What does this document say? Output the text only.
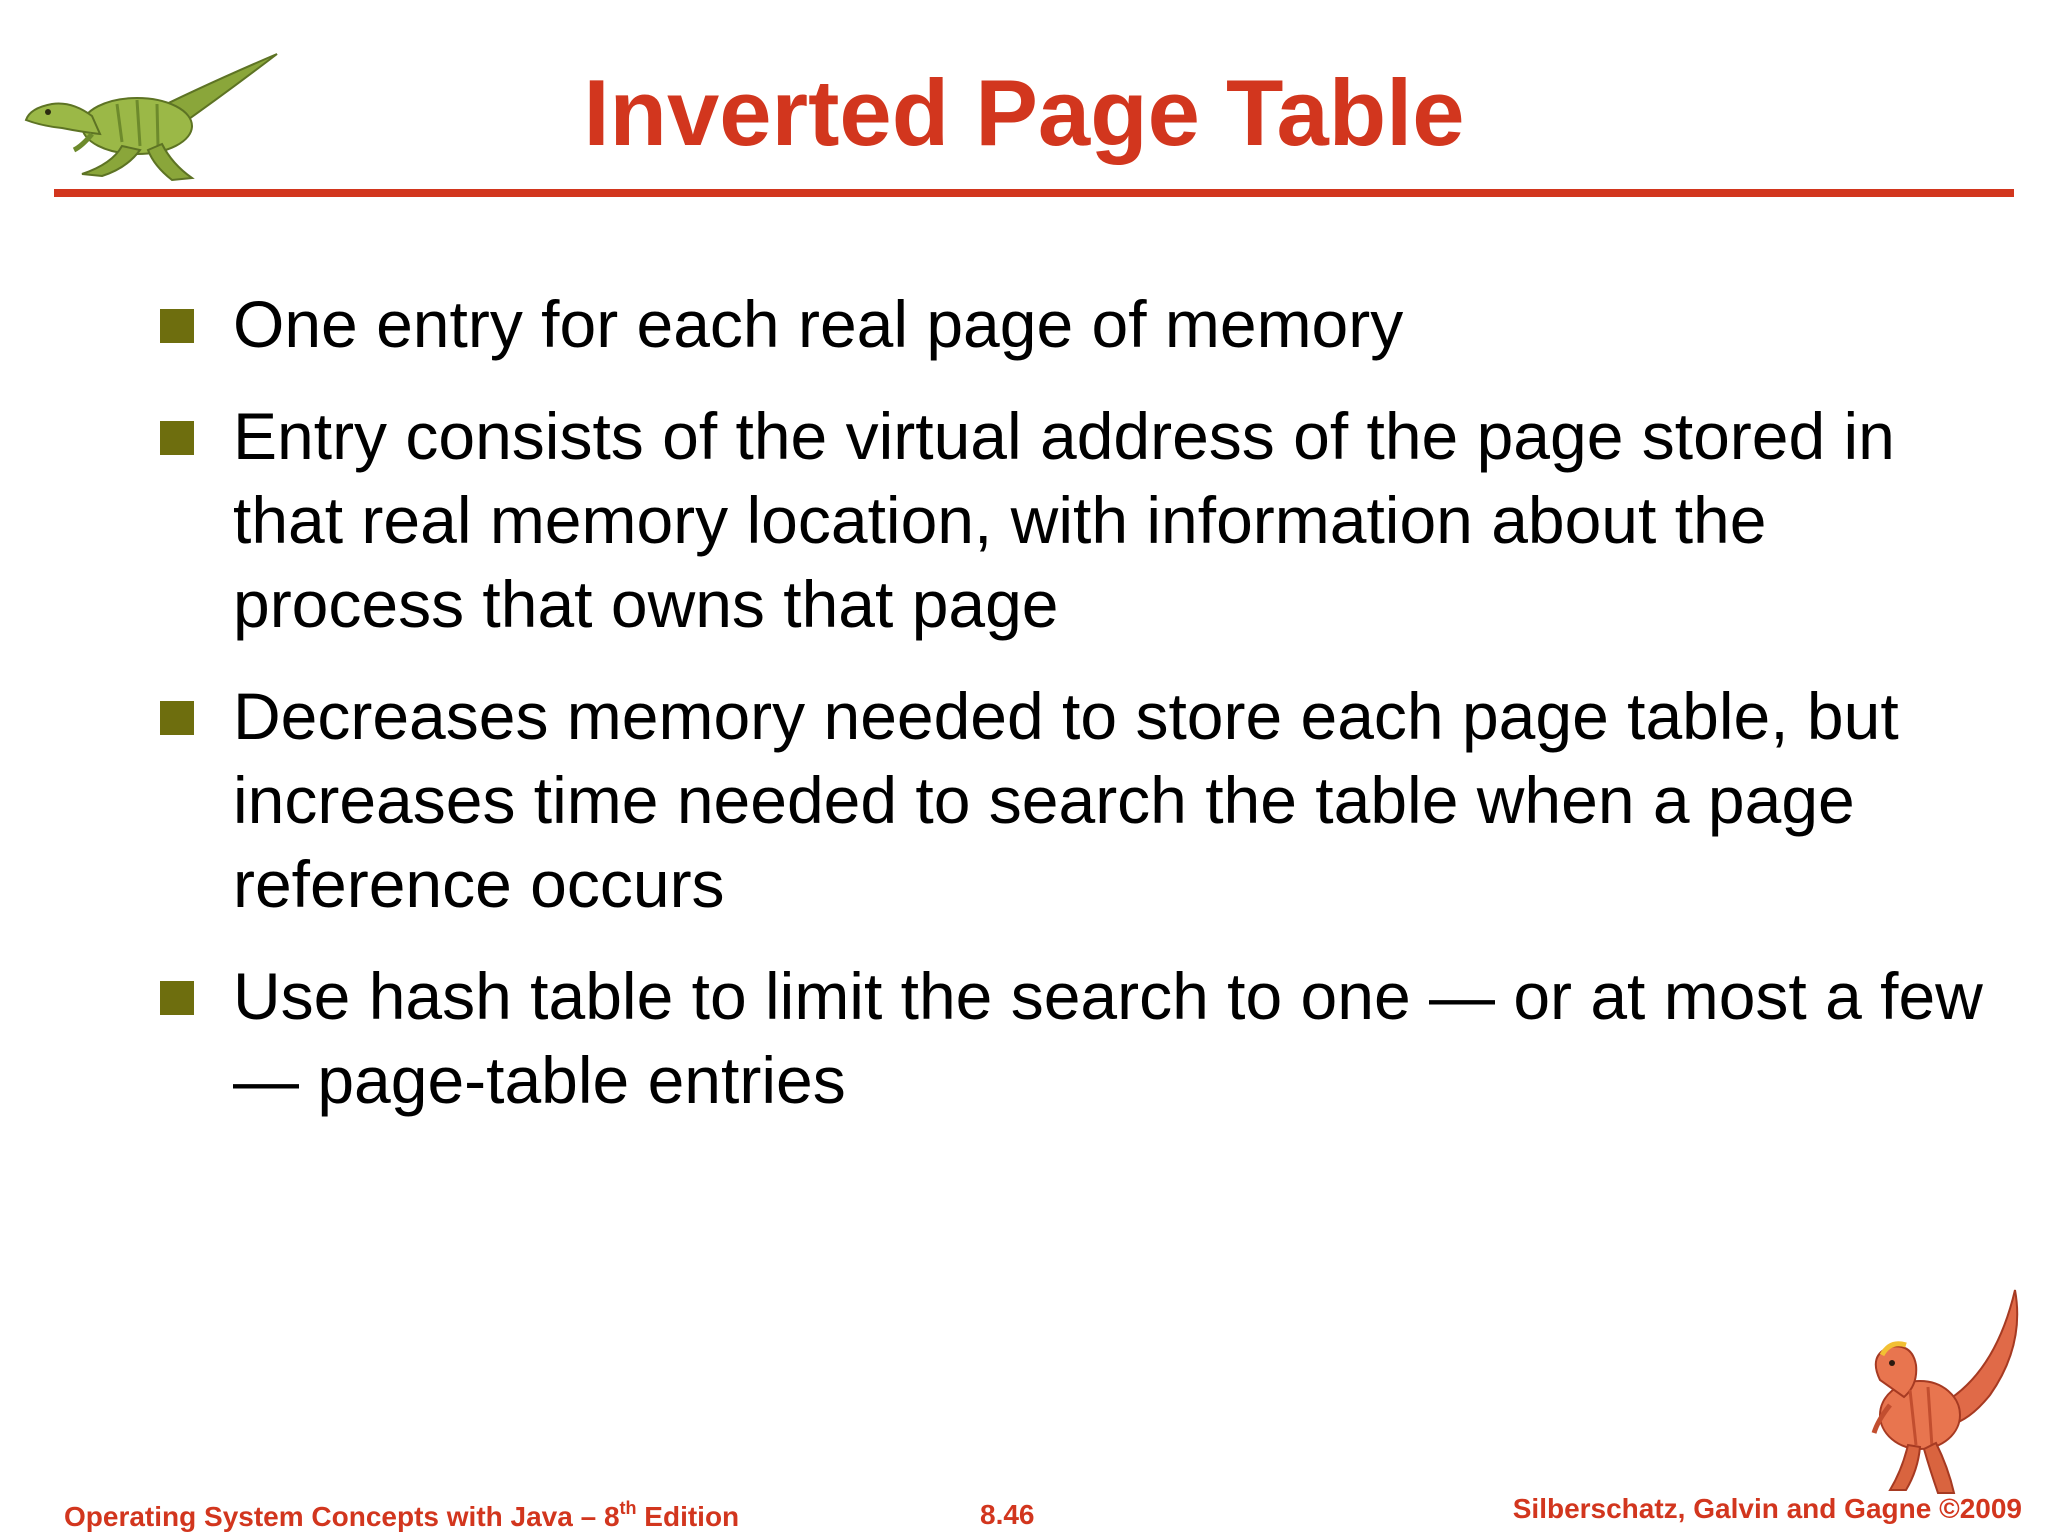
Inverted Page Table
One entry for each real page of memory
Entry consists of the virtual address of the page stored in that real memory location, with information about the process that owns that page
Decreases memory needed to store each page table, but increases time needed to search the table when a page reference occurs
Use hash table to limit the search to one — or at most a few — page-table entries
Operating System Concepts with Java – 8th Edition	8.46	Silberschatz, Galvin and Gagne ©2009
